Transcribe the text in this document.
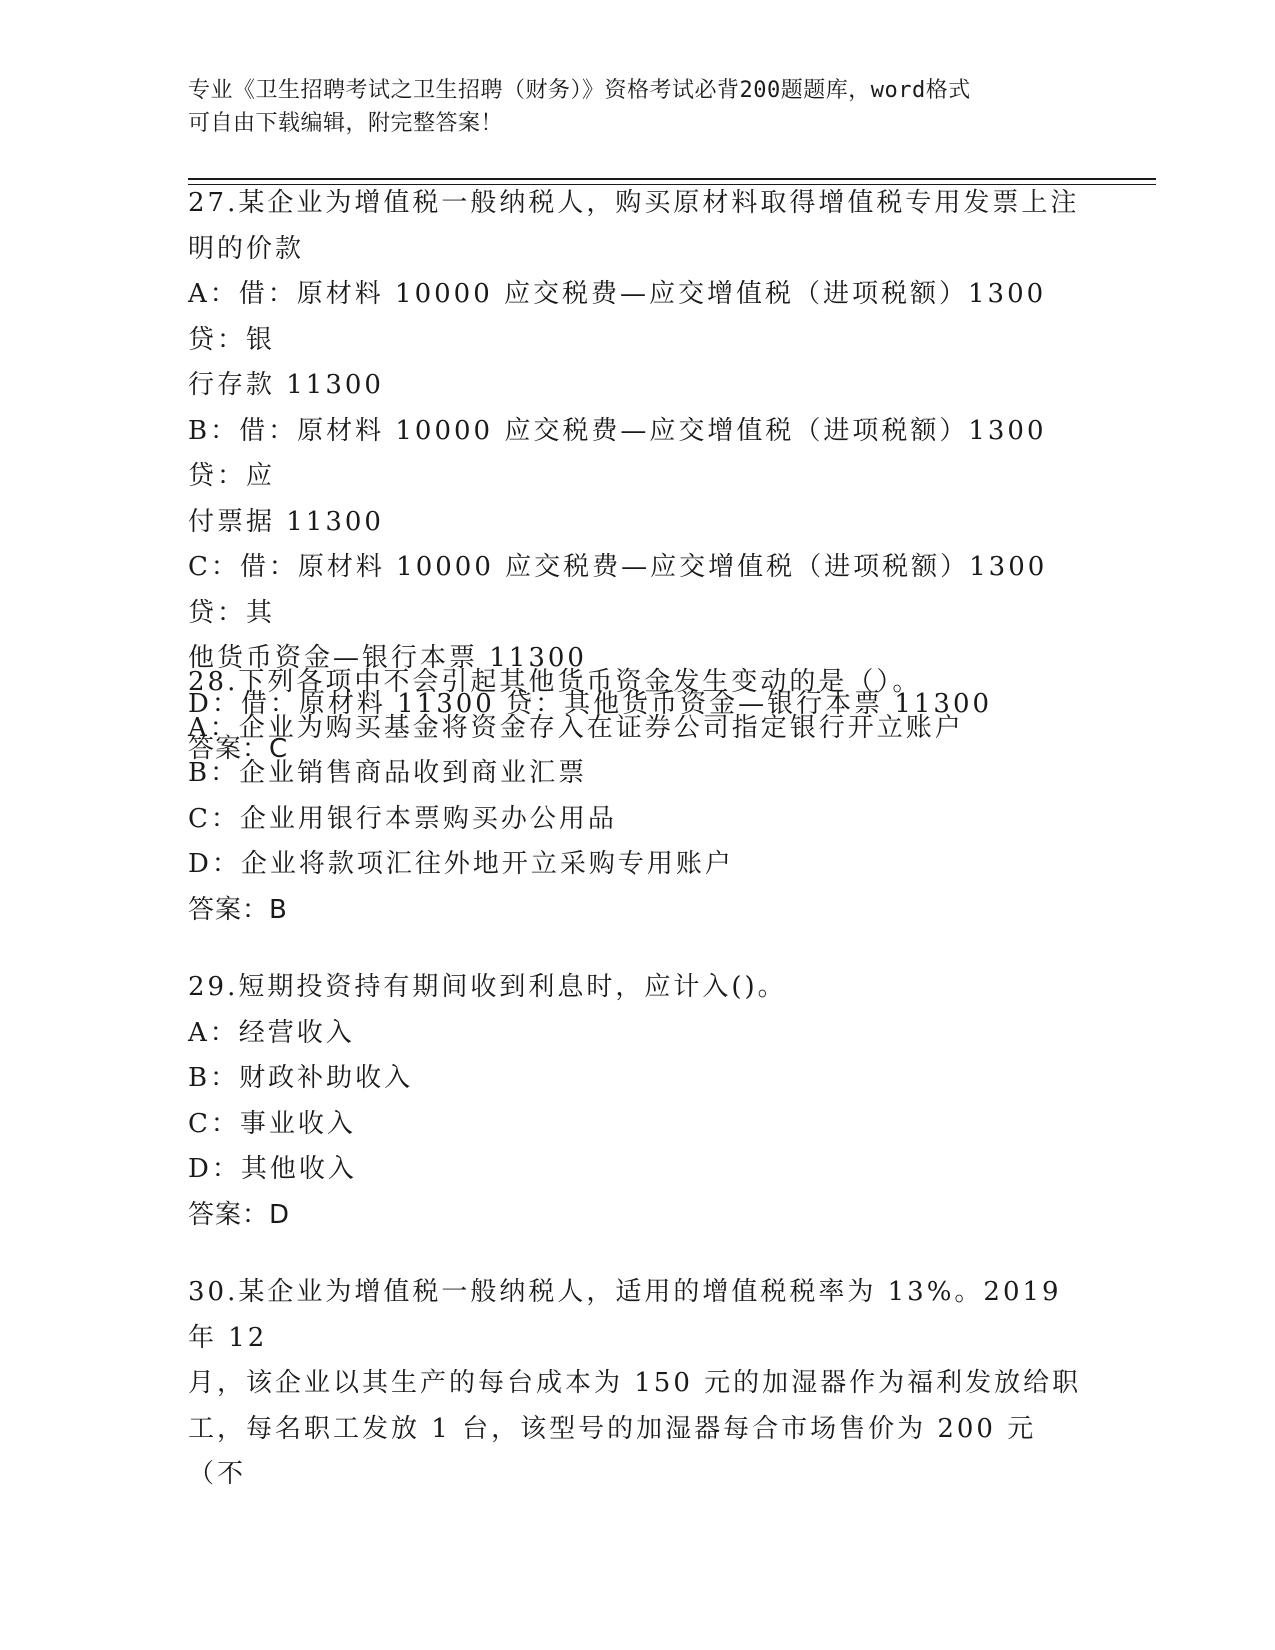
专业《卫生招聘考试之卫生招聘（财务）》资格考试必背200题题库，word格式
可自由下载编辑，附完整答案！

27.某企业为增值税一般纳税人，购买原材料取得增值税专用发票上注

明的价款

A：借：原材料 10000 应交税费—应交增值税（进项税额）1300 贷：银

行存款 11300

B：借：原材料 10000 应交税费—应交增值税（进项税额）1300 贷：应

付票据 11300

C：借：原材料 10000 应交税费—应交增值税（进项税额）1300 贷：其

他货币资金—银行本票 11300

D：借：原材料 11300 贷：其他货币资金—银行本票 11300

答案：C

28.下列各项中不会引起其他货币资金发生变动的是（）。

A：企业为购买基金将资金存入在证券公司指定银行开立账户

B：企业销售商品收到商业汇票

C：企业用银行本票购买办公用品

D：企业将款项汇往外地开立采购专用账户

答案：B

29.短期投资持有期间收到利息时，应计入()。

A：经营收入

B：财政补助收入

C：事业收入

D：其他收入

答案：D

30.某企业为增值税一般纳税人，适用的增值税税率为 13%。2019 年 12

月，该企业以其生产的每台成本为 150 元的加湿器作为福利发放给职

工，每名职工发放 1 台，该型号的加湿器每合市场售价为 200 元（不
